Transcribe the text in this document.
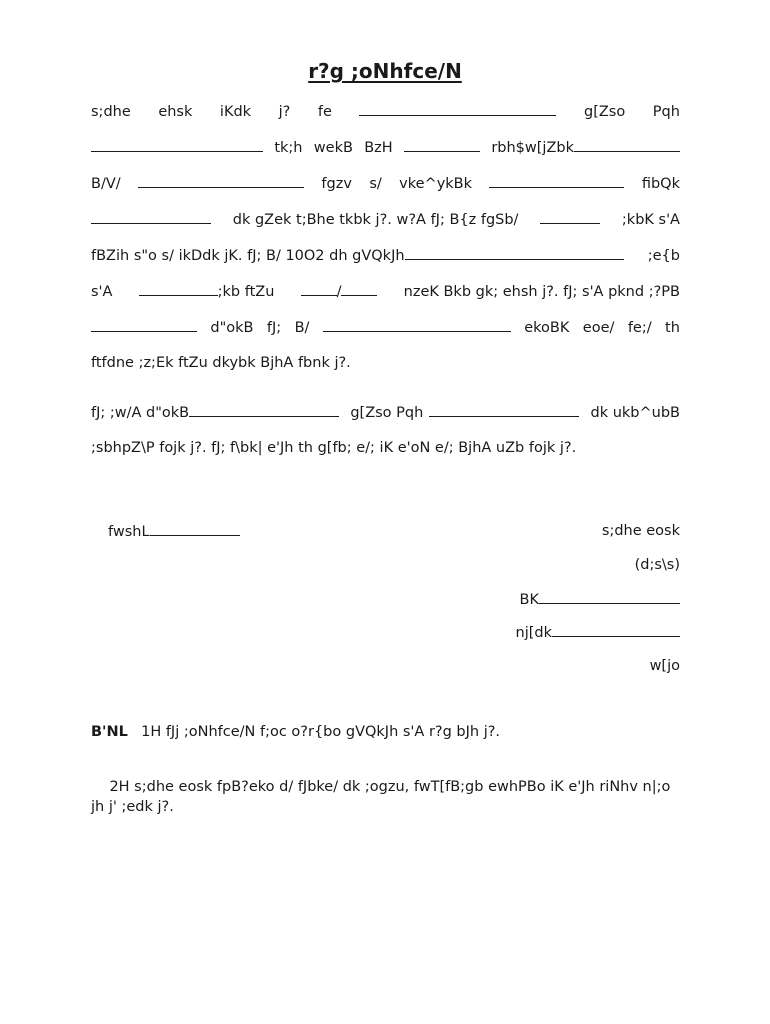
r?g ;oNhfce/N
s;dhe ehsk iKdk j? fe	g[Zso Pqh
tk;h wekB BzH	rbh$w[jZbk
B/V/	fgzv s/ vke^ykBk	fibQk
dk gZek t;Bhe tkbk j?. w?A fJ; B{z fgSb/	;kbK s'A
fBZih s"o s/ ikDdk jK. fJ; B/ 10O2 dh gVQkJh	;e{b
s'A	;kb ftZu	/	nzeK Bkb gk; ehsh j?. fJ; s'A pknd ;?PB
d"okB fJ; B/	ekoBK eoe/ fe;/ th
ftfdne ;z;Ek ftZu dkybk BjhA fbnk j?.
fJ; ;w/A d"okB	g[Zso Pqh	dk ukb^ubB
;sbhpZ\P fojk j?. fJ; f\bk| e'Jh th g[fb; e/; iK e'oN e/; BjhA uZb fojk j?.
fwshL	s;dhe eosk
(d;s\s)
BK
nj[dk
w[jo
B'NL 1H fJj ;oNhfce/N f;oc o?r{bo gVQkJh s'A r?g bJh j?.

2H s;dhe eosk fpB?eko d/ fJbke/ dk ;ogzu, fwT[fB;gb ewhPBo iK e'Jh riNhv n|;o    jh j' ;edk j?.
